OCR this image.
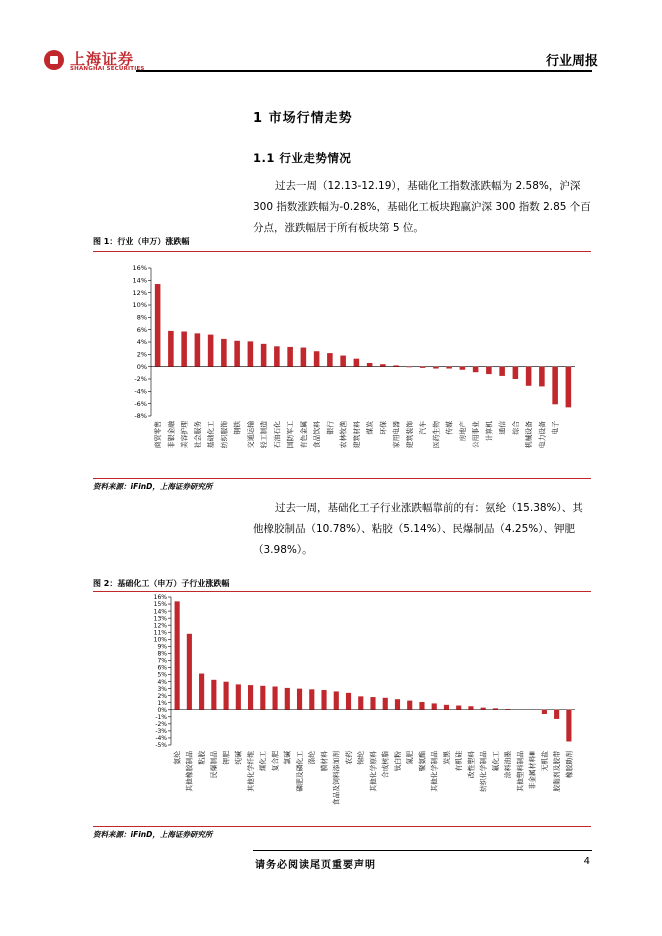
上海证券
SHANGHAI SECURITIES	行业周报
1 市场行情走势
1.1 行业走势情况
过去一周（12.13-12.19），基础化工指数涨跌幅为 2.58%，沪深 300 指数涨跌幅为-0.28%，基础化工板块跑赢沪深 300 指数 2.85 个百分点，涨跌幅居于所有板块第 5 位。
图 1：行业（申万）涨跌幅
16%
14%
12%
10%
8%
6%
4%
2%
0%
-2%
-4%
-6%
-8%
商贸零售 非银金融 美容护理 社会服务 基础化工 纺织服饰 钢铁 交通运输 轻工制造 石油石化 国防军工 有色金属 食品饮料 银行 农林牧渔 建筑材料 煤炭 环保 家用电器 建筑装饰 汽车 医药生物 传媒 房地产 公用事业 计算机 通信 综合 机械设备 电力设备 电子
资料来源：iFinD，上海证券研究所
过去一周，基础化工子行业涨跌幅靠前的有：氨纶（15.38%）、其他橡胶制品（10.78%）、粘胶（5.14%）、民爆制品（4.25%）、钾肥（3.98%）。
图 2：基础化工（申万）子行业涨跌幅
16%
15%
14%
13%
12%
11%
10%
9%
8%
7%
6%
5%
4%
3%
2%
1%
0%
-1%
-2%
-3%
-4%
-5%
氨纶 其他橡胶制品 粘胶 民爆制品 钾肥 纯碱 其他化学纤维 煤化工 复合肥 氯碱 磷肥及磷化工 涤纶 膜材料 食品及饲料添加剂 农药 锦纶 其他化学原料 合成树脂 钛白粉 氮肥 聚氨酯 其他化学制品 炭黑 有机硅 改性塑料 纺织化学制品 氟化工 涂料油墨 其他塑料制品 非金属材料Ⅲ 无机盐 胶黏剂及胶带 橡胶助剂
资料来源：iFinD，上海证券研究所
请务必阅读尾页重要声明	4
